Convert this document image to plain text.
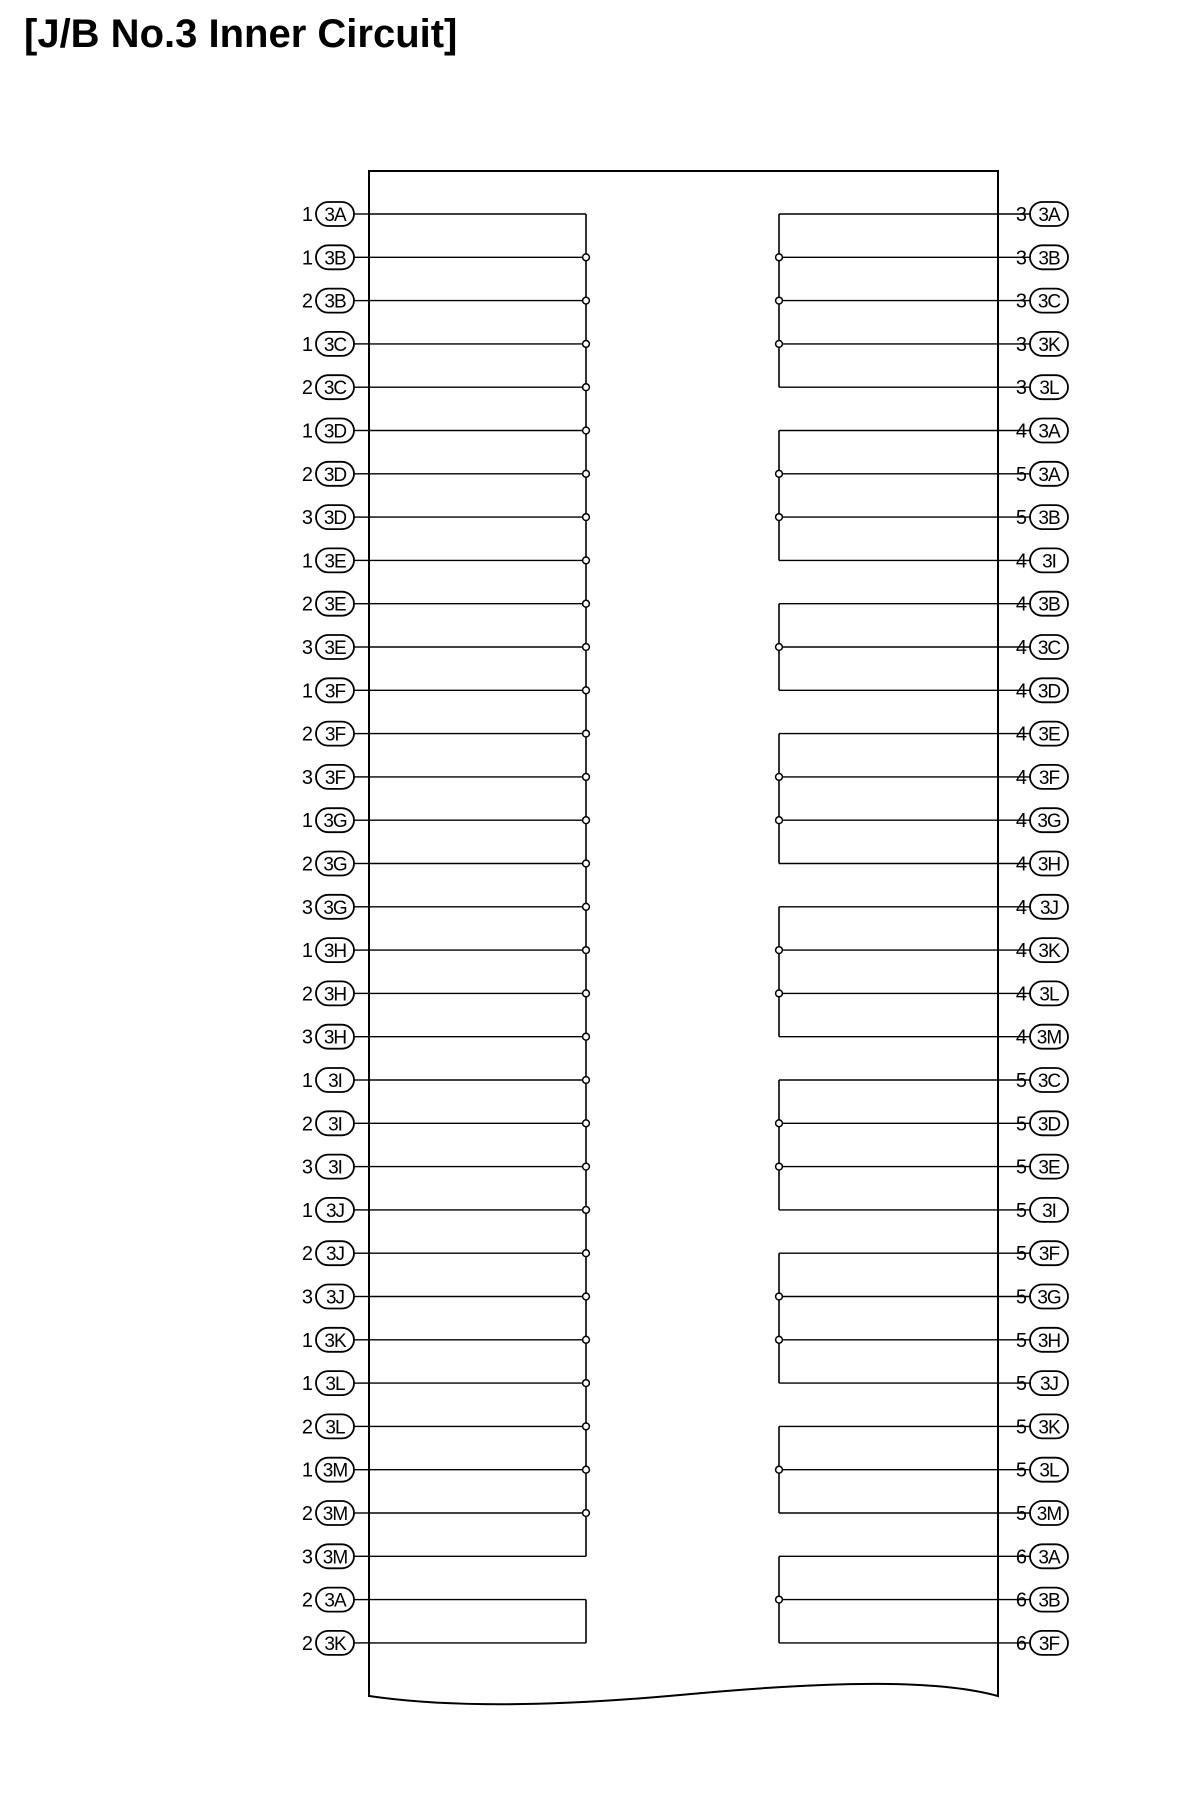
[J/B No.3 Inner Circuit]
1 3A
1 3B
2 3B
1 3C
2 3C
1 3D
2 3D
3 3D
1 3E
2 3E
3 3E
1 3F
2 3F
3 3F
1 3G
2 3G
3 3G
1 3H
2 3H
3 3H
1 3I
2 3I
3 3I
1 3J
2 3J
3 3J
1 3K
1 3L
2 3L
1 3M
2 3M
3 3M
2 3A
2 3K
3 3A
3 3B
3 3C
3 3K
3 3L
4 3A
5 3A
5 3B
4 3I
4 3B
4 3C
4 3D
4 3E
4 3F
4 3G
4 3H
4 3J
4 3K
4 3L
4 3M
5 3C
5 3D
5 3E
5 3I
5 3F
5 3G
5 3H
5 3J
5 3K
5 3L
5 3M
6 3A
6 3B
6 3F
